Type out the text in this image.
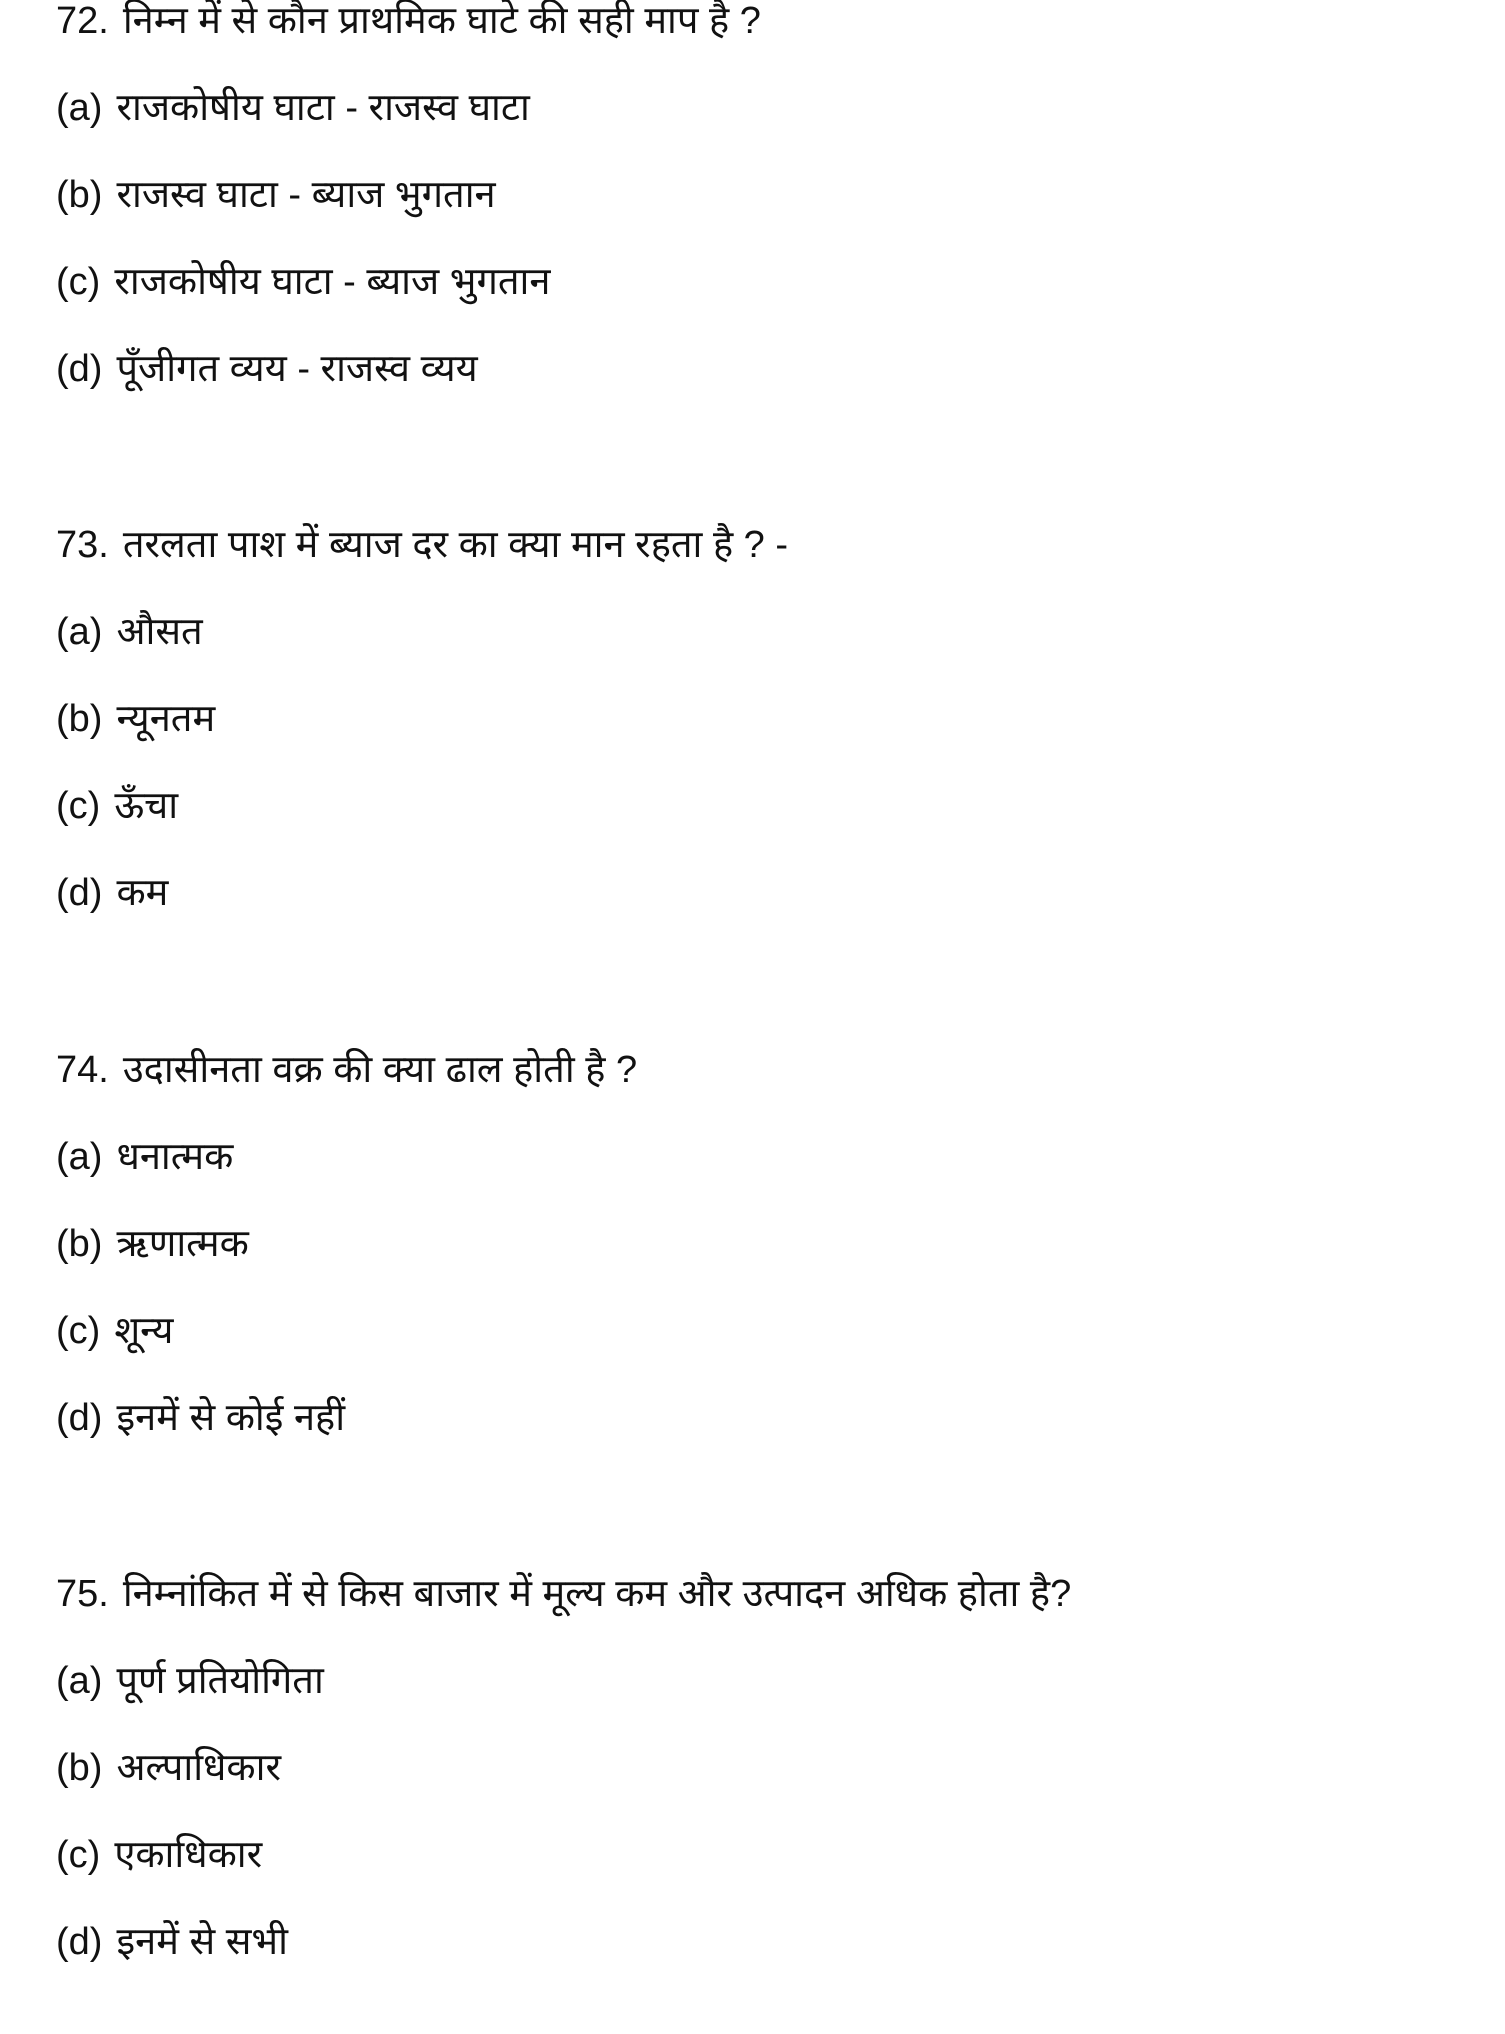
72. निम्न में से कौन प्राथमिक घाटे की सही माप है ?
(a) राजकोषीय घाटा - राजस्व घाटा
(b) राजस्व घाटा - ब्याज भुगतान
(c) राजकोषीय घाटा - ब्याज भुगतान
(d) पूँजीगत व्यय - राजस्व व्यय
73. तरलता पाश में ब्याज दर का क्या मान रहता है ? -
(a) औसत
(b) न्यूनतम
(c) ऊँचा
(d) कम
74. उदासीनता वक्र की क्या ढाल होती है ?
(a) धनात्मक
(b) ऋणात्मक
(c) शून्य
(d) इनमें से कोई नहीं
75. निम्नांकित में से किस बाजार में मूल्य कम और उत्पादन अधिक होता है?
(a) पूर्ण प्रतियोगिता
(b) अल्पाधिकार
(c) एकाधिकार
(d) इनमें से सभी
